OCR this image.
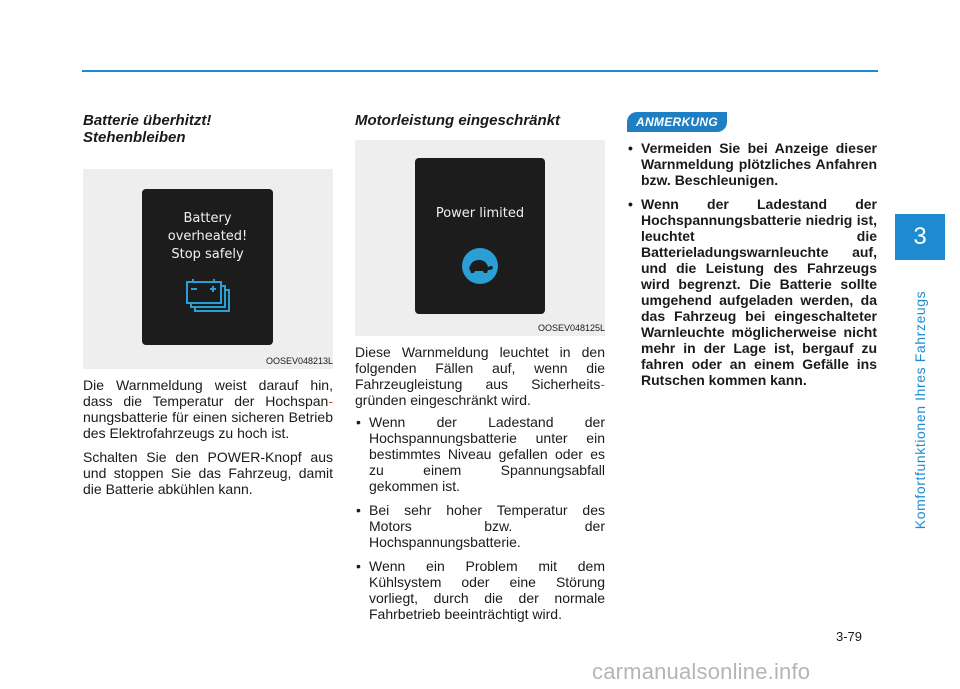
Batterie überhitzt!
Stehenbleiben
Battery
overheated!
Stop safely
OOSEV048213L

Die Warnmeldung weist darauf hin, dass die Temperatur der Hochspan-nungsbatterie für einen sicheren Betrieb des Elektrofahrzeugs zu hoch ist.

Schalten Sie den POWER-Knopf aus und stoppen Sie das Fahrzeug, damit die Batterie abkühlen kann.

Motorleistung eingeschränkt
Power limited
OOSEV048125L

Diese Warnmeldung leuchtet in den folgenden Fällen auf, wenn die Fahrzeugleistung aus Sicherheits-gründen eingeschränkt wird.

• Wenn der Ladestand der Hochspannungsbatterie unter ein bestimmtes Niveau gefallen oder es zu einem Spannungsabfall gekommen ist.
• Bei sehr hoher Temperatur des Motors bzw. der Hochspannungsbatterie.
• Wenn ein Problem mit dem Kühlsystem oder eine Störung vorliegt, durch die der normale Fahrbetrieb beeinträchtigt wird.
ANMERKUNG
• Vermeiden Sie bei Anzeige dieser Warnmeldung plötzliches Anfahren bzw. Beschleunigen.
• Wenn der Ladestand der Hochspannungsbatterie niedrig ist, leuchtet die Batterieladungswarnleuchte auf, und die Leistung des Fahrzeugs wird begrenzt. Die Batterie sollte umgehend aufgeladen werden, da das Fahrzeug bei eingeschalteter Warnleuchte möglicherweise nicht mehr in der Lage ist, bergauf zu fahren oder an einem Gefälle ins Rutschen kommen kann.
3
Komfortfunktionen Ihres Fahrzeugs
3-79
carmanualsonline.info
